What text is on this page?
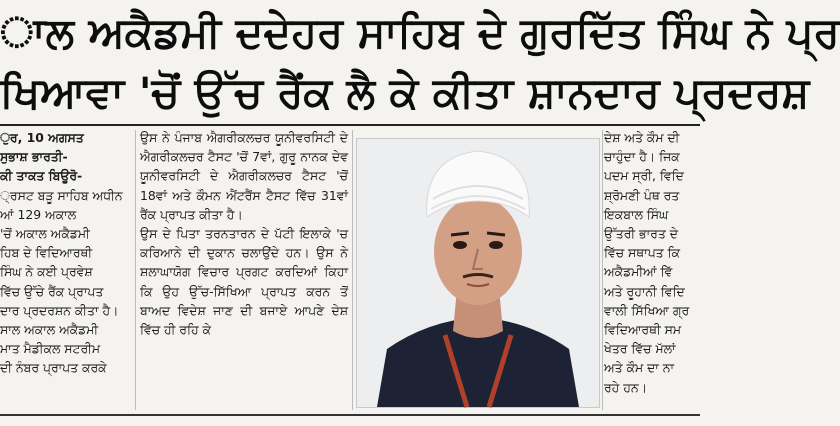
ਾਲ ਅਕੈਡਮੀ ਦਦੇਹਰ ਸਾਹਿਬ ਦੇ ਗੁਰਦਿੱਤ ਸਿੰਘ ਨੇ ਪ੍ਰ
ਖਿਆਵਾ 'ਚੋਂ ਉੱਚ ਰੈਂਕ ਲੈ ਕੇ ਕੀਤਾ ਸ਼ਾਨਦਾਰ ਪ੍ਰਦਰਸ਼
ੁਰ, 10 ਅਗਸਤ
ਸੁਭਾਸ਼ ਭਾਰਤੀ-
ਕੀ ਤਾਕਤ ਬਿਊਰੋ-
੍ਰਸਟ ਬੜੂ ਸਾਹਿਬ ਅਧੀਨ
ਆਂ 129 ਅਕਾਲ
'ਚੋਂ ਅਕਾਲ ਅਕੈਡਮੀ
ਹਿਬ ਦੇ ਵਿਦਿਆਰਥੀ
ਸਿੰਘ ਨੇ ਕਈ ਪ੍ਰਵੇਸ਼
ਵਿੱਚ ਉੱਚੇ ਰੈਂਕ ਪ੍ਰਾਪਤ
ਦਾਰ ਪ੍ਰਦਰਸ਼ਨ ਕੀਤਾ ਹੈ।
ਸਾਲ ਅਕਾਲ ਅਕੈਡਮੀ
ਮਾਤ ਮੈਡੀਕਲ ਸਟਰੀਮ
ਦੀ ਨੰਬਰ ਪ੍ਰਾਪਤ ਕਰਕੇ

ਉਸ ਨੇ ਪੰਜਾਬ ਐਗਰੀਕਲਚਰ ਯੂਨੀਵਰਸਿਟੀ ਦੇ ਐਗਰੀਕਲਚਰ ਟੈਸਟ 'ਚੋਂ 7ਵਾਂ, ਗੁਰੂ ਨਾਨਕ ਦੇਵ ਯੂਨੀਵਰਸਿਟੀ ਦੇ ਐਗਰੀਕਲਚਰ ਟੈਸਟ 'ਚੋਂ 18ਵਾਂ ਅਤੇ ਕੌਮਨ ਐਂਟਰੈਂਸ ਟੈਸਟ ਵਿੱਚ 31ਵਾਂ ਰੈਂਕ ਪ੍ਰਾਪਤ ਕੀਤਾ ਹੈ।

ਉਸ ਦੇ ਪਿਤਾ ਤਰਨਤਾਰਨ ਦੇ ਪੱਟੀ ਇਲਾਕੇ 'ਚ ਕਰਿਆਨੇ ਦੀ ਦੁਕਾਨ ਚਲਾਉਂਦੇ ਹਨ। ਉਸ ਨੇ ਸ਼ਲਾਘਾਯੋਗ ਵਿਚਾਰ ਪ੍ਰਗਟ ਕਰਦਿਆਂ ਕਿਹਾ ਕਿ ਉਹ ਉੱਚ-ਸਿੱਖਿਆ ਪ੍ਰਾਪਤ ਕਰਨ ਤੋਂ ਬਾਅਦ ਵਿਦੇਸ਼ ਜਾਣ ਦੀ ਬਜਾਏ ਆਪਣੇ ਦੇਸ਼ ਵਿੱਚ ਹੀ ਰਹਿ ਕੇ

ਦੇਸ਼ ਅਤੇ ਕੌਮ ਦੀ
ਚਾਹੁੰਦਾ ਹੈ। ਜਿਕ
ਪਦਮ ਸ੍ਰੀ, ਵਿਦਿ
ਸ਼੍ਰੋਮਣੀ ਪੰਥ ਰਤ
ਇਕਬਾਲ ਸਿੰਘ
ਉੱਤਰੀ ਭਾਰਤ ਦੇ
ਵਿੱਚ ਸਥਾਪਤ ਕਿ
ਅਕੈਡਮੀਆਂ ਵਿੱ
ਅਤੇ ਰੂਹਾਨੀ ਵਿਦਿ
ਵਾਲੀ ਸਿੱਖਿਆ ਗ੍ਰ
ਵਿਦਿਆਰਥੀ ਸਮ
ਖੇਤਰ ਵਿੱਚ ਮੱਲਾਂ
ਅਤੇ ਕੌਮ ਦਾ ਨਾ
ਰਹੇ ਹਨ।
